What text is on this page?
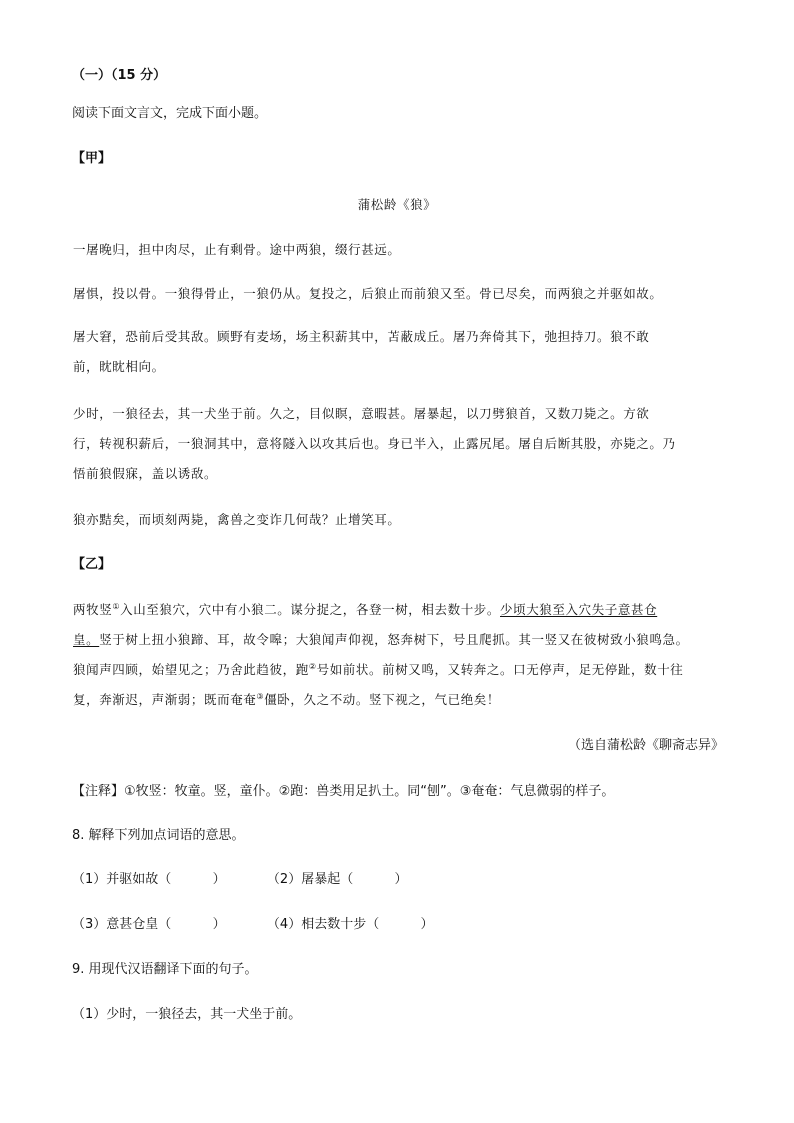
（一）（15 分）
阅读下面文言文，完成下面小题。
【甲】
蒲松龄《狼》
一屠晚归，担中肉尽，止有剩骨。途中两狼，缀行甚远。
屠惧，投以骨。一狼得骨止，一狼仍从。复投之，后狼止而前狼又至。骨已尽矣，而两狼之并驱如故。
屠大窘，恐前后受其敌。顾野有麦场，场主积薪其中，苫蔽成丘。屠乃奔倚其下，弛担持刀。狼不敢
前，眈眈相向。
少时，一狼径去，其一犬坐于前。久之，目似瞑，意暇甚。屠暴起，以刀劈狼首，又数刀毙之。方欲
行，转视积薪后，一狼洞其中，意将隧入以攻其后也。身已半入，止露尻尾。屠自后断其股，亦毙之。乃
悟前狼假寐，盖以诱敌。
狼亦黠矣，而顷刻两毙，禽兽之变诈几何哉？止增笑耳。
【乙】
两牧竖①入山至狼穴，穴中有小狼二。谋分捉之，各登一树，相去数十步。少顷大狼至入穴失子意甚仓
皇。竖于树上扭小狼蹄、耳，故令嗥；大狼闻声仰视，怒奔树下，号且爬抓。其一竖又在彼树致小狼鸣急。
狼闻声四顾，始望见之；乃舍此趋彼，跑②号如前状。前树又鸣，又转奔之。口无停声，足无停趾，数十往
复，奔渐迟，声渐弱；既而奄奄③僵卧，久之不动。竖下视之，气已绝矣！
（选自蒲松龄《聊斋志异》
【注释】①牧竖：牧童。竖，童仆。②跑：兽类用足扒土。同“刨”。③奄奄：气息微弱的样子。
8. 解释下列加点词语的意思。
（1）并驱如故（          ）          （2）屠暴起（          ）
（3）意甚仓皇（          ）          （4）相去数十步（          ）
9. 用现代汉语翻译下面的句子。
（1）少时，一狼径去，其一犬坐于前。
